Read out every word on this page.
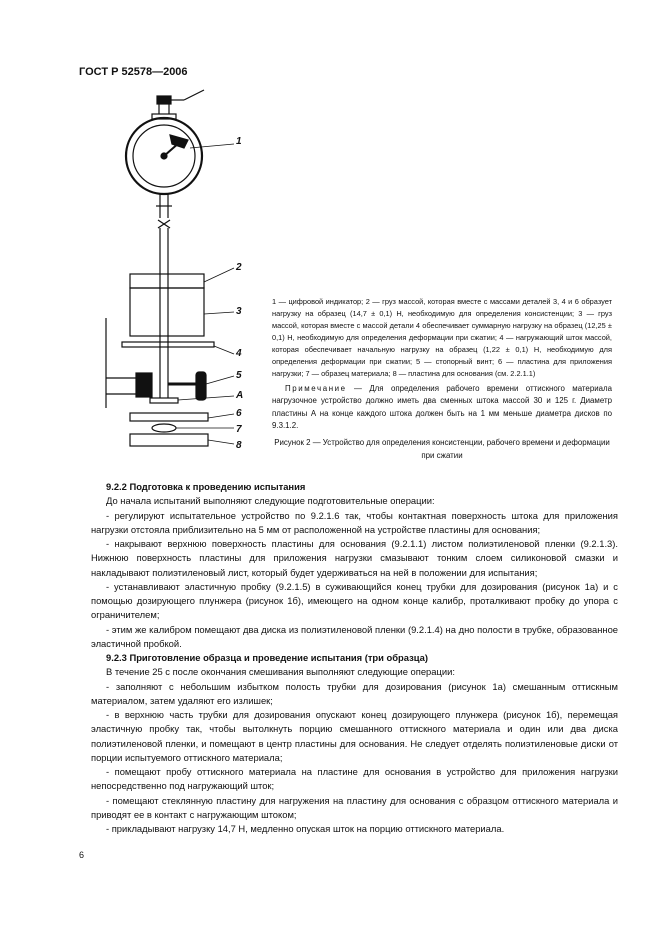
ГОСТ Р 52578—2006
1
2
3
4
5
А
6
7
8
1 — цифровой индикатор; 2 — груз массой, которая вместе с массами деталей 3, 4 и 6 образует нагрузку на образец (14,7 ± 0,1) Н, необходимую для определения консистенции; 3 — груз массой, которая вместе с массой детали 4 обеспечивает суммарную нагрузку на образец (12,25 ± 0,1) Н, необходимую для определения деформации при сжатии; 4 — нагружающий шток массой, которая обеспечивает начальную нагрузку на образец (1,22 ± 0,1) Н, необходимую для определения деформации при сжатии; 5 — стопорный винт; 6 — пластина для приложения нагрузки; 7 — образец материала; 8 — пластина для основания (см. 2.2.1.1)
Примечание — Для определения рабочего времени оттискного материала нагрузочное устройство должно иметь два сменных штока массой 30 и 125 г. Диаметр пластины А на конце каждого штока должен быть на 1 мм меньше диаметра дисков по 9.3.1.2.
Рисунок 2 — Устройство для определения консистенции, рабочего времени и деформации при сжатии

9.2.2 Подготовка к проведению испытания

До начала испытаний выполняют следующие подготовительные операции:

- регулируют испытательное устройство по 9.2.1.6 так, чтобы контактная поверхность штока для приложения нагрузки отстояла приблизительно на 5 мм от расположенной на устройстве пластины для основания;

- накрывают верхнюю поверхность пластины для основания (9.2.1.1) листом полиэтиленовой пленки (9.2.1.3). Нижнюю поверхность пластины для приложения нагрузки смазывают тонким слоем силиконовой смазки и накладывают полиэтиленовый лист, который будет удерживаться на ней в положении для испытания;

- устанавливают эластичную пробку (9.2.1.5) в суживающийся конец трубки для дозирования (рисунок 1а) и с помощью дозирующего плунжера (рисунок 1б), имеющего на одном конце калибр, проталкивают пробку до упора с ограничителем;

- этим же калибром помещают два диска из полиэтиленовой пленки (9.2.1.4) на дно полости в трубке, образованное эластичной пробкой.

9.2.3 Приготовление образца и проведение испытания (три образца)

В течение 25 с после окончания смешивания выполняют следующие операции:

- заполняют с небольшим избытком полость трубки для дозирования (рисунок 1а) смешанным оттискным материалом, затем удаляют его излишек;

- в верхнюю часть трубки для дозирования опускают конец дозирующего плунжера (рисунок 1б), перемещая эластичную пробку так, чтобы вытолкнуть порцию смешанного оттискного материала и один или два диска полиэтиленовой пленки, и помещают в центр пластины для основания. Не следует отделять полиэтиленовые диски от порции испытуемого оттискного материала;

- помещают пробу оттискного материала на пластине для основания в устройство для приложения нагрузки непосредственно под нагружающий шток;

- помещают стеклянную пластину для нагружения на пластину для основания с образцом оттискного материала и приводят ее в контакт с нагружающим штоком;

- прикладывают нагрузку 14,7 Н, медленно опуская шток на порцию оттискного материала.

6
